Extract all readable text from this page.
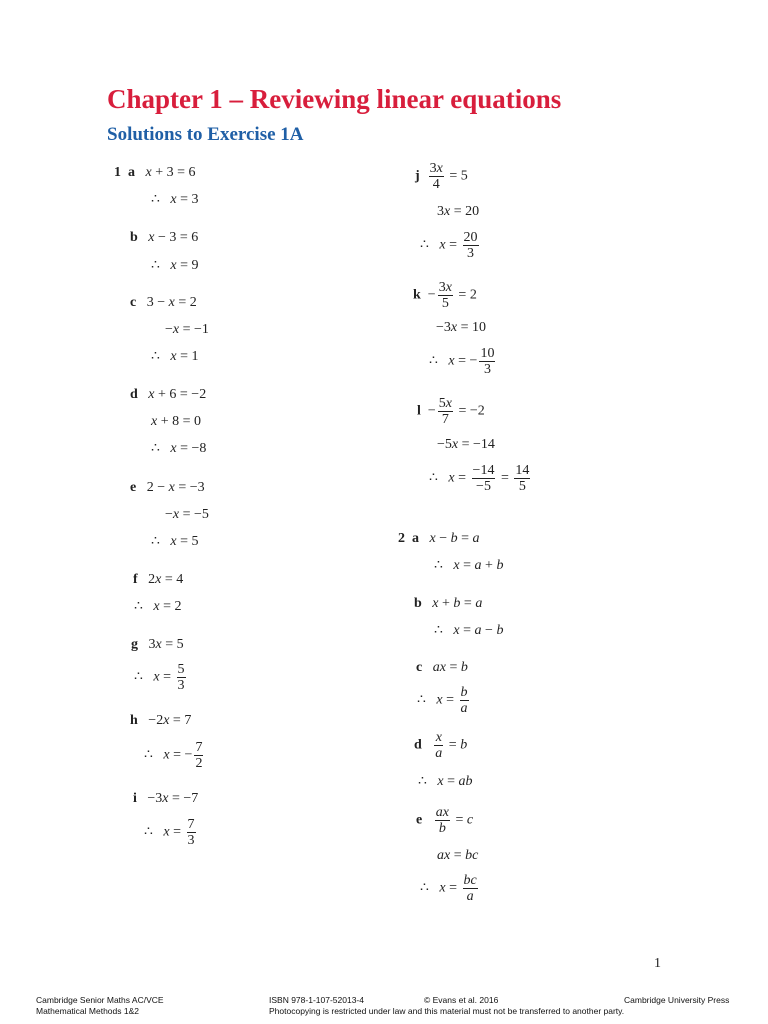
Chapter 1 – Reviewing linear equations
Solutions to Exercise 1A
1 a x + 3 = 6
∴ x = 3
b x − 3 = 6
∴ x = 9
c   3 − x = 2
−x = −1
∴ x = 1
d x + 6 = −2
x + 8 = 0
∴ x = −8
e   2 − x = −3
−x = −5
∴ x = 5
f   2x = 4
∴ x = 2
g   3x = 5
∴ $x = \frac{5}{3}$
h   −2x = 7
∴ x = − $\frac{7}{2}$
i   −3x = −7
∴ $x = \frac{7}{3}$
j $\frac{3x}{4} = 5$
3x = 20
∴ $x = \frac{20}{3}$
$k - \frac{3x}{5} = 2$
−3x = 10
∴ x = − $\frac{10}{3}$
$l - \frac{5x}{7} = -2$
−5x = −14
∴ $x = \frac{-14}{-5} = \frac{14}{5}$
2 a x − b = a
∴ x = a + b
b x + b = a
∴ x = a − b
c ax = b
∴ $x = \frac{b}{a}$
d $\frac{x}{a} = b$
∴ x = ab
e $\frac{ax}{b} = c$
ax = bc
∴ $x = \frac{bc}{a}$
1
Cambridge Senior Maths AC/VCE
Mathematical Methods 1&2
ISBN 978-1-107-52013-4	© Evans et al. 2016	Cambridge University Press
Photocopying is restricted under law and this material must not be transferred to another party.
